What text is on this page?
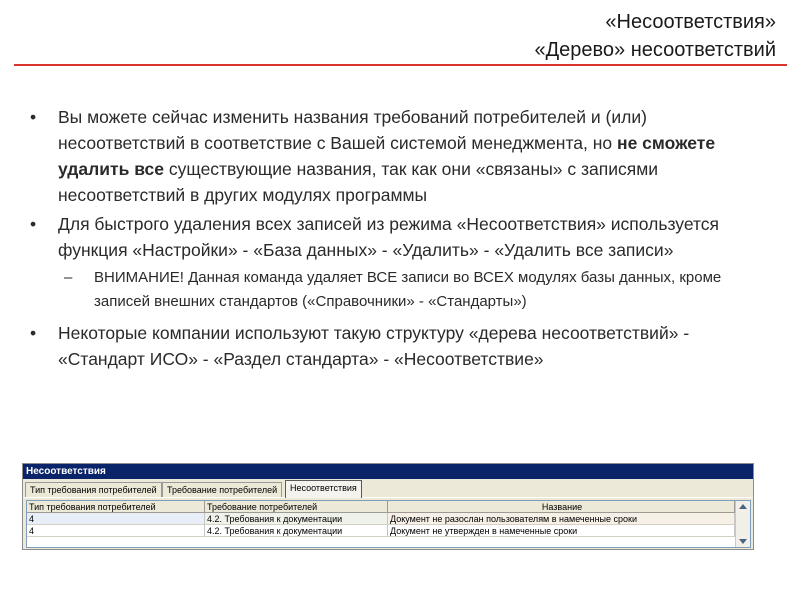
«Несоответствия»
«Дерево» несоответствий
•	Вы можете сейчас изменить названия требований потребителей и (или) несоответствий в соответствие с Вашей системой менеджмента, но не сможете удалить все существующие названия, так как они «связаны» с записями несоответствий в других модулях программы
•	Для быстрого удаления всех записей из режима «Несоответствия» используется функция «Настройки» - «База данных» - «Удалить» - «Удалить все записи»
– ВНИМАНИЕ! Данная команда удаляет ВСЕ записи во ВСЕХ модулях базы данных, кроме записей внешних стандартов («Справочники» - «Стандарты»)
•	Некоторые компании используют такую структуру «дерева несоответствий» - «Стандарт ИСО» - «Раздел стандарта» - «Несоответствие»
Несоответствия
Тип требования потребителей	Требование потребителей	Несоответствия
Тип требования потребителей	Требование потребителей	Название
4	4.2. Требования к документации	Документ не разослан пользователям в намеченные сроки
4	4.2. Требования к документации	Документ не утвержден в намеченные сроки
